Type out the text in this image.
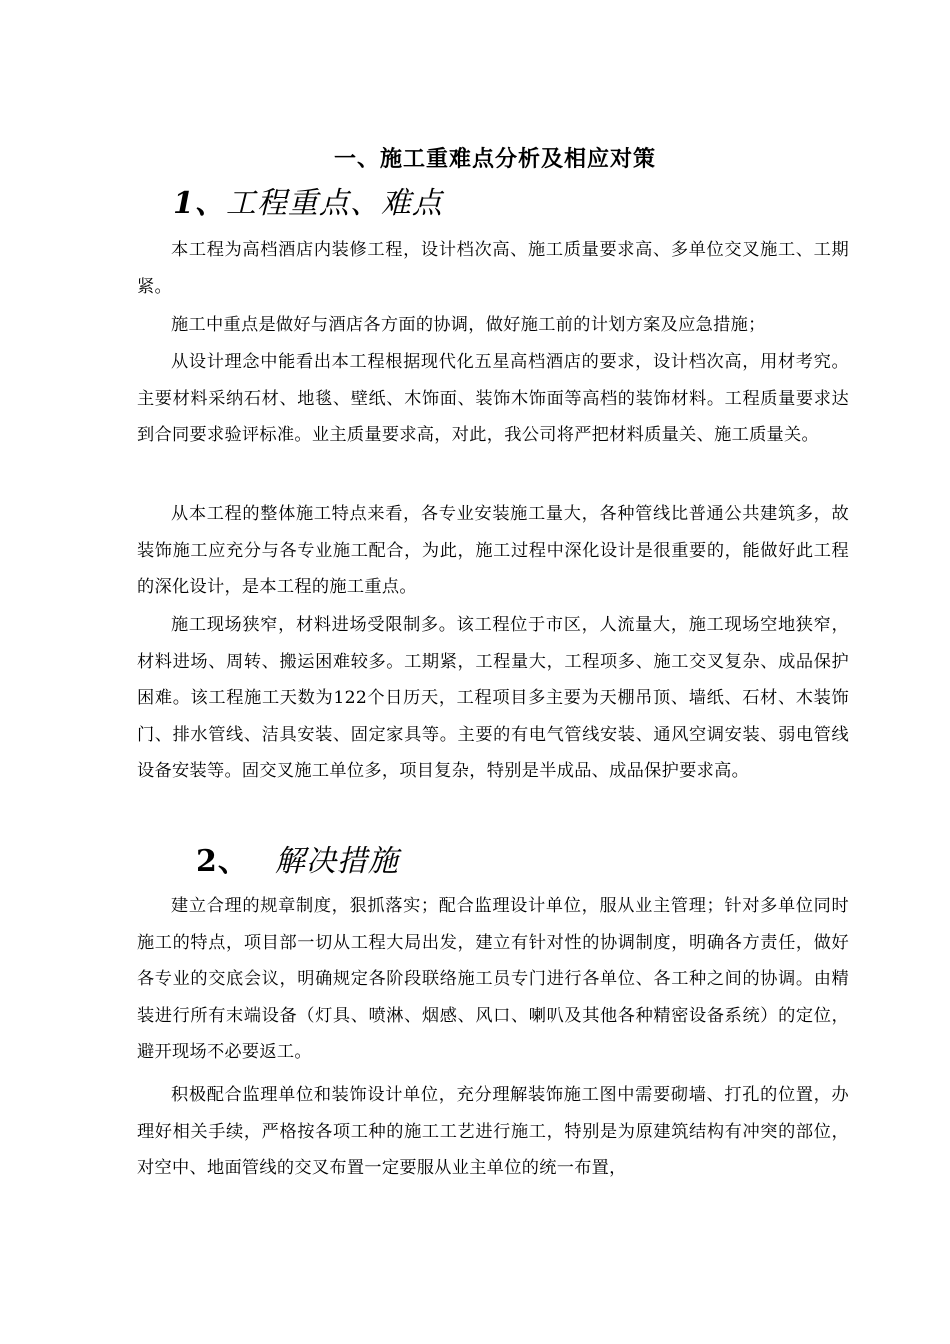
一、施工重难点分析及相应对策
1、工程重点、难点
本工程为高档酒店内装修工程，设计档次高、施工质量要求高、多单位交叉施工、工期紧。
施工中重点是做好与酒店各方面的协调，做好施工前的计划方案及应急措施；
从设计理念中能看出本工程根据现代化五星高档酒店的要求，设计档次高，用材考究。主要材料采纳石材、地毯、壁纸、木饰面、装饰木饰面等高档的装饰材料。工程质量要求达到合同要求验评标准。业主质量要求高，对此，我公司将严把材料质量关、施工质量关。
从本工程的整体施工特点来看，各专业安装施工量大，各种管线比普通公共建筑多，故装饰施工应充分与各专业施工配合，为此，施工过程中深化设计是很重要的，能做好此工程的深化设计，是本工程的施工重点。
施工现场狭窄，材料进场受限制多。该工程位于市区，人流量大，施工现场空地狭窄，材料进场、周转、搬运困难较多。工期紧，工程量大，工程项多、施工交叉复杂、成品保护困难。该工程施工天数为122个日历天，工程项目多主要为天棚吊顶、墙纸、石材、木装饰门、排水管线、洁具安装、固定家具等。主要的有电气管线安装、通风空调安装、弱电管线设备安装等。固交叉施工单位多，项目复杂，特别是半成品、成品保护要求高。
2、 解决措施
建立合理的规章制度，狠抓落实；配合监理设计单位，服从业主管理；针对多单位同时施工的特点，项目部一切从工程大局出发，建立有针对性的协调制度，明确各方责任，做好各专业的交底会议，明确规定各阶段联络施工员专门进行各单位、各工种之间的协调。由精装进行所有末端设备（灯具、喷淋、烟感、风口、喇叭及其他各种精密设备系统）的定位，避开现场不必要返工。
积极配合监理单位和装饰设计单位，充分理解装饰施工图中需要砌墙、打孔的位置，办理好相关手续，严格按各项工种的施工工艺进行施工，特别是为原建筑结构有冲突的部位，对空中、地面管线的交叉布置一定要服从业主单位的统一布置，
